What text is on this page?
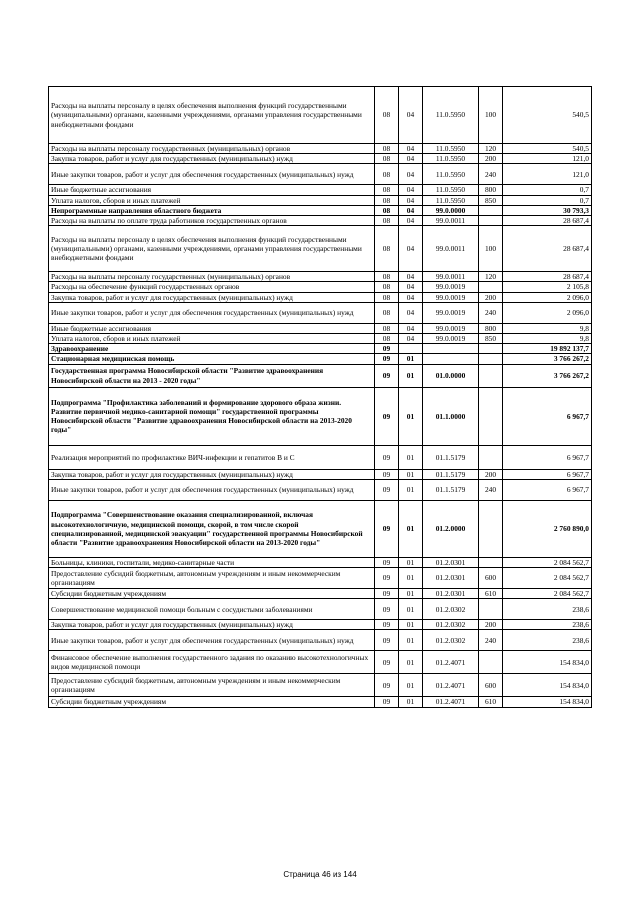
Расходы на выплаты персоналу в целях обеспечения выполнения функций государственными (муниципальными) органами, казенными учреждениями, органами управления государственными внебюджетными фондами	08	04	11.0.5950	100	540,5
Расходы на выплаты персоналу государственных (муниципальных) органов	08	04	11.0.5950	120	540,5
Закупка товаров, работ и услуг для государственных (муниципальных) нужд	08	04	11.0.5950	200	121,0
Иные закупки товаров, работ и услуг для обеспечения государственных (муниципальных) нужд	08	04	11.0.5950	240	121,0
Иные бюджетные ассигнования	08	04	11.0.5950	800	0,7
Уплата налогов, сборов и иных платежей	08	04	11.0.5950	850	0,7
Непрограммные направления областного бюджета	08	04	99.0.0000		30 793,3
Расходы на выплаты по оплате труда работников государственных органов	08	04	99.0.0011		28 687,4
Расходы на выплаты персоналу в целях обеспечения выполнения функций государственными (муниципальными) органами, казенными учреждениями, органами управления государственными внебюджетными фондами	08	04	99.0.0011	100	28 687,4
Расходы на выплаты персоналу государственных (муниципальных) органов	08	04	99.0.0011	120	28 687,4
Расходы на обеспечение функций государственных органов	08	04	99.0.0019		2 105,8
Закупка товаров, работ и услуг для государственных (муниципальных) нужд	08	04	99.0.0019	200	2 096,0
Иные закупки товаров, работ и услуг для обеспечения государственных (муниципальных) нужд	08	04	99.0.0019	240	2 096,0
Иные бюджетные ассигнования	08	04	99.0.0019	800	9,8
Уплата налогов, сборов и иных платежей	08	04	99.0.0019	850	9,8
Здравоохранение	09				19 892 137,7
Стационарная медицинская помощь	09	01			3 766 267,2
Государственная программа Новосибирской области "Развитие здравоохранения Новосибирской области на 2013 - 2020 годы"	09	01	01.0.0000		3 766 267,2
Подпрограмма "Профилактика заболеваний и формирование здорового образа жизни. Развитие первичной медико-санитарной помощи" государственной программы Новосибирской области "Развитие здравоохранения Новосибирской области на 2013-2020 годы"	09	01	01.1.0000		6 967,7
Реализация мероприятий по профилактике ВИЧ-инфекции и гепатитов В и С	09	01	01.1.5179		6 967,7
Закупка товаров, работ и услуг для государственных (муниципальных) нужд	09	01	01.1.5179	200	6 967,7
Иные закупки товаров, работ и услуг для обеспечения государственных (муниципальных) нужд	09	01	01.1.5179	240	6 967,7
Подпрограмма "Совершенствование оказания специализированной, включая высокотехнологичную, медицинской помощи, скорой, в том числе скорой специализированной, медицинской эвакуации" государственной программы Новосибирской области "Развитие здравоохранения Новосибирской области на 2013-2020 годы"	09	01	01.2.0000		2 760 890,0
Больницы, клиники, госпитали, медико-санитарные части	09	01	01.2.0301		2 084 562,7
Предоставление субсидий бюджетным, автономным учреждениям и иным некоммерческим организациям	09	01	01.2.0301	600	2 084 562,7
Субсидии бюджетным учреждениям	09	01	01.2.0301	610	2 084 562,7
Совершенствование медицинской помощи больным с сосудистыми заболеваниями	09	01	01.2.0302		238,6
Закупка товаров, работ и услуг для государственных (муниципальных) нужд	09	01	01.2.0302	200	238,6
Иные закупки товаров, работ и услуг для обеспечения государственных (муниципальных) нужд	09	01	01.2.0302	240	238,6
Финансовое обеспечение выполнения государственного задания по оказанию высокотехнологичных видов медицинской помощи	09	01	01.2.4071		154 834,0
Предоставление субсидий бюджетным, автономным учреждениям и иным некоммерческим организациям	09	01	01.2.4071	600	154 834,0
Субсидии бюджетным учреждениям	09	01	01.2.4071	610	154 834,0
Страница 46 из 144
